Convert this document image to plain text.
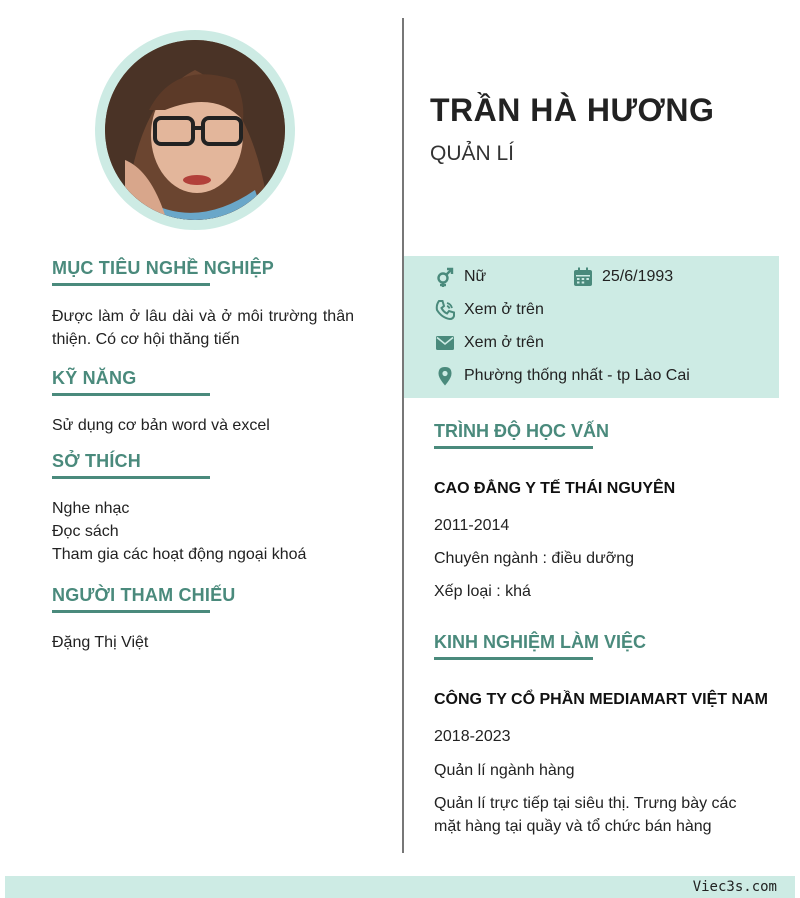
MỤC TIÊU NGHỀ NGHIỆP
Được làm ở lâu dài và ở môi trường thân thiện. Có cơ hội thăng tiến
KỸ NĂNG
Sử dụng cơ bản word và excel
SỞ THÍCH
Nghe nhạc
Đọc sách
Tham gia các hoạt động ngoại khoá
NGƯỜI THAM CHIẾU
Đặng Thị Việt
TRẦN HÀ HƯƠNG
QUẢN LÍ
Nữ	25/6/1993
Xem ở trên
Xem ở trên
Phường thống nhất - tp Lào Cai
TRÌNH ĐỘ HỌC VẤN
CAO ĐẲNG Y TẾ THÁI NGUYÊN
2011-2014
Chuyên ngành : điều dưỡng
Xếp loại : khá
KINH NGHIỆM LÀM VIỆC
CÔNG TY CỔ PHẦN MEDIAMART VIỆT NAM
2018-2023
Quản lí ngành hàng
Quản lí trực tiếp tại siêu thị. Trưng bày các mặt hàng tại quầy và tổ chức bán hàng
Viec3s.com
